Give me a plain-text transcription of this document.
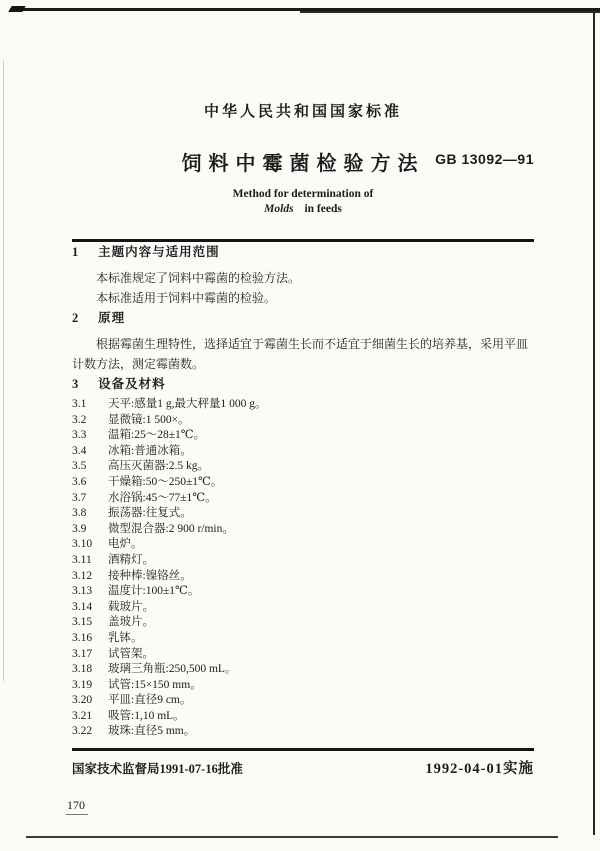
中华人民共和国国家标准
饲料中霉菌检验方法 GB 13092—91
Method for determination of
Molds in feeds
1 主题内容与适用范围

本标准规定了饲料中霉菌的检验方法。

本标准适用于饲料中霉菌的检验。

2 原理

根据霉菌生理特性，选择适宜于霉菌生长而不适宜于细菌生长的培养基，采用平皿计数方法，测定霉菌数。

3 设备及材料
3.1	天平:感量1 g,最大秤量1 000 g。
3.2	显微镜:1 500×。
3.3	温箱:25～28±1℃。
3.4	冰箱:普通冰箱。
3.5	高压灭菌器:2.5 kg。
3.6	干燥箱:50～250±1℃。
3.7	水浴锅:45～77±1℃。
3.8	振荡器:往复式。
3.9	微型混合器:2 900 r/min。
3.10	电炉。
3.11	酒精灯。
3.12	接种棒:镍铬丝。
3.13	温度计:100±1℃。
3.14	载玻片。
3.15	盖玻片。
3.16	乳钵。
3.17	试管架。
3.18	玻璃三角瓶:250,500 mL。
3.19	试管:15×150 mm。
3.20	平皿:直径9 cm。
3.21	吸管:1,10 mL。
3.22	玻珠:直径5 mm。
国家技术监督局1991-07-16批准	1992-04-01实施
170
